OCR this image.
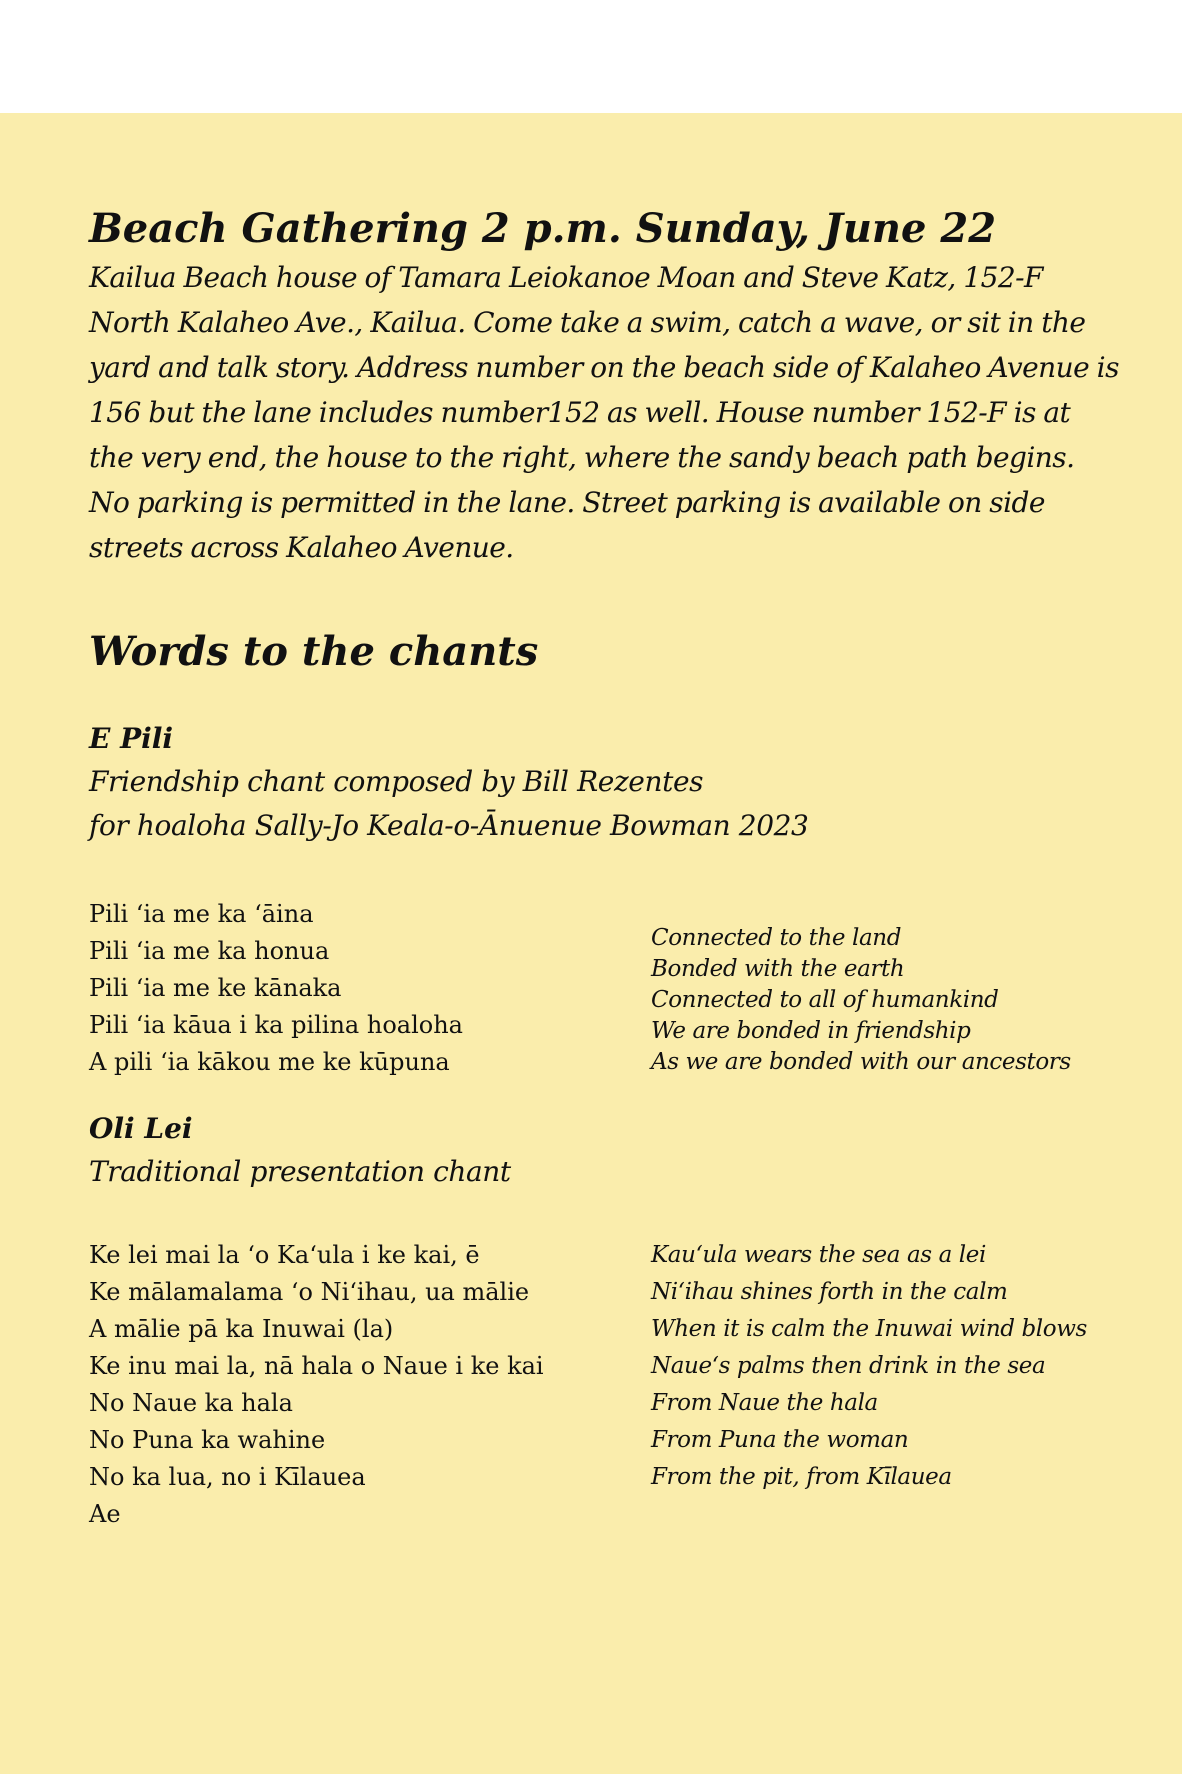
Beach Gathering 2 p.m. Sunday, June 22

Kailua Beach house of Tamara Leiokanoe Moan and Steve Katz, 152-F North Kalaheo Ave., Kailua. Come take a swim, catch a wave, or sit in the yard and talk story. Address number on the beach side of Kalaheo Avenue is 156 but the lane includes number152 as well. House number 152-F is at the very end, the house to the right, where the sandy beach path begins. No parking is permitted in the lane. Street parking is available on side streets across Kalaheo Avenue.

Words to the chants
E Pili
Friendship chant composed by Bill Rezentes
for hoaloha Sally-Jo Keala-o-Ānuenue Bowman 2023
Pili ʻia me ka ʻāina
Pili ʻia me ka honua
Pili ʻia me ke kānaka
Pili ʻia kāua i ka pilina hoaloha
A pili ʻia kākou me ke kūpuna
Connected to the land
Bonded with the earth
Connected to all of humankind
We are bonded in friendship
As we are bonded with our ancestors
Oli Lei
Traditional presentation chant
Ke lei mai la ʻo Kaʻula i ke kai, ē
Ke mālamalama ʻo Niʻihau, ua mālie
A mālie pā ka Inuwai (la)
Ke inu mai la, nā hala o Naue i ke kai
No Naue ka hala
No Puna ka wahine
No ka lua, no i Kīlauea
Ae
Kauʻula wears the sea as a lei
Niʻihau shines forth in the calm
When it is calm the Inuwai wind blows
Naueʻs palms then drink in the sea
From Naue the hala
From Puna the woman
From the pit, from Kīlauea
